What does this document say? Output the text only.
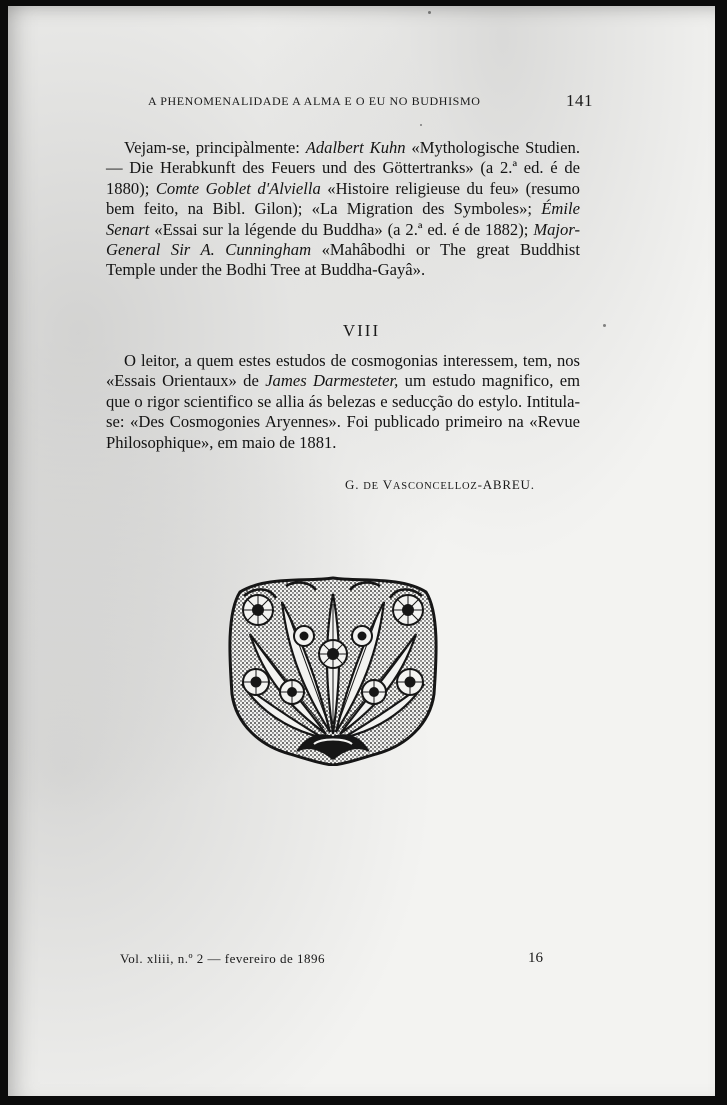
A PHENOMENALIDADE A ALMA E O EU NO BUDHISMO	141

Vejam-se, principàlmente: Adalbert Kuhn «Mythologische Studien. — Die Herabkunft des Feuers und des Göttertranks» (a 2.ª ed. é de 1880); Comte Goblet d'Alviella «Histoire religieuse du feu» (resumo bem feito, na Bibl. Gilon); «La Migration des Symboles»; Émile Senart «Essai sur la légende du Buddha» (a 2.ª ed. é de 1882); Major-General Sir A. Cunningham «Mahâbodhi or The great Buddhist Temple under the Bodhi Tree at Buddha-Gayâ».

VIII

O leitor, a quem estes estudos de cosmogonias interessem, tem, nos «Essais Orientaux» de James Darmesteter, um estudo magnifico, em que o rigor scientifico se allia ás belezas e seducção do estylo. Intitula-se: «Des Cosmogonies Aryennes». Foi publicado primeiro na «Revue Philosophique», em maio de 1881.

G. DE VASCONCELLOZ-ABREU.
Vol. xliii, n.º 2 — fevereiro de 1896	16
